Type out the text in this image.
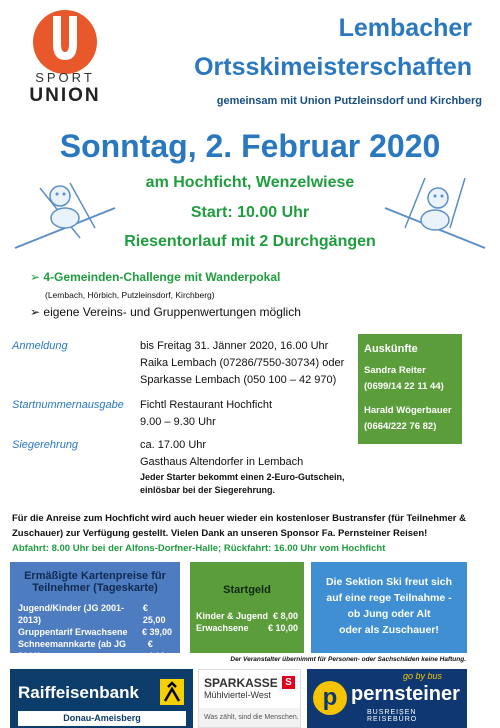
SPORT
UNION
Lembacher
Ortsskimeisterschaften
gemeinsam mit Union Putzleinsdorf und Kirchberg
Sonntag, 2. Februar 2020
am Hochficht, Wenzelwiese
Start: 10.00 Uhr
Riesentorlauf mit 2 Durchgängen
➢ 4-Gemeinden-Challenge mit Wanderpokal
(Lembach, Hörbich, Putzleinsdorf, Kirchberg)
➢ eigene Vereins- und Gruppenwertungen möglich
Anmeldung	bis Freitag 31. Jänner 2020, 16.00 Uhr
Raika Lembach (07286/7550-30734) oder
Sparkasse Lembach (050 100 – 42 970)
Startnummernausgabe Fichtl Restaurant Hochficht
9.00 – 9.30 Uhr
Siegerehrung	ca. 17.00 Uhr
Gasthaus Altendorfer in Lembach
Jeder Starter bekommt einen 2-Euro-Gutschein,
einlösbar bei der Siegerehrung.
Auskünfte
Sandra Reiter
(0699/14 22 11 44)
Harald Wögerbauer
(0664/222 76 82)
Für die Anreise zum Hochficht wird auch heuer wieder ein kostenloser Bustransfer (für Teilnehmer & Zuschauer) zur Verfügung gestellt. Vielen Dank an unseren Sponsor Fa. Pernsteiner Reisen!
Abfahrt: 8.00 Uhr bei der Alfons-Dorfner-Halle; Rückfahrt: 16.00 Uhr vom Hochficht
Ermäßigte Kartenpreise für
Teilnehmer (Tageskarte)
Jugend/Kinder (JG 2001-2013)
€ 25,00
Gruppentarif Erwachsene € 39,00
Schneemannkarte (ab JG 2010)
€ 4,00
Startgeld
Kinder & Jugend € 8,00
Erwachsene € 10,00
Die Sektion Ski freut sich
auf eine rege Teilnahme -
ob Jung oder Alt
oder als Zuschauer!
Der Veranstalter übernimmt für Personen- oder Sachschäden keine Haftung.
Raiffeisenbank
Donau-Ameisberg
SPARKASSE S
Mühlviertel-West
Was zählt, sind die Menschen.
p
go by bus
pernsteiner
BUSREISEN REISEBÜRO
